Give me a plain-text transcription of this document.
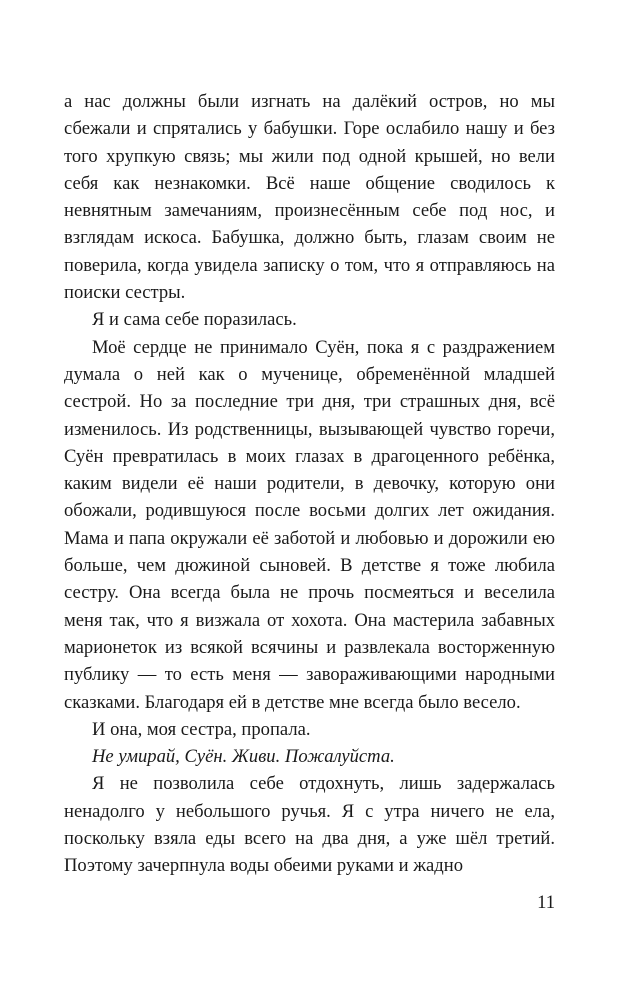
а нас должны были изгнать на далёкий остров, но мы сбежали и спрятались у бабушки. Горе ослабило нашу и без того хрупкую связь; мы жили под одной крышей, но вели себя как незнакомки. Всё наше общение сводилось к невнятным замечаниям, произнесённым себе под нос, и взглядам искоса. Бабушка, должно быть, глазам своим не поверила, когда увидела записку о том, что я отправляюсь на поиски сестры.

Я и сама себе поразилась.

Моё сердце не принимало Суён, пока я с раздражением думала о ней как о мученице, обременённой младшей сестрой. Но за последние три дня, три страшных дня, всё изменилось. Из родственницы, вызывающей чувство горечи, Суён превратилась в моих глазах в драгоценного ребёнка, каким видели её наши родители, в девочку, которую они обожали, родившуюся после восьми долгих лет ожидания. Мама и папа окружали её заботой и любовью и дорожили ею больше, чем дюжиной сыновей. В детстве я тоже любила сестру. Она всегда была не прочь посмеяться и веселила меня так, что я визжала от хохота. Она мастерила забавных марионеток из всякой всячины и развлекала восторженную публику — то есть меня — завораживающими народными сказками. Благодаря ей в детстве мне всегда было весело.

И она, моя сестра, пропала.

Не умирай, Суён. Живи. Пожалуйста.

Я не позволила себе отдохнуть, лишь задержалась ненадолго у небольшого ручья. Я с утра ничего не ела, поскольку взяла еды всего на два дня, а уже шёл третий. Поэтому зачерпнула воды обеими руками и жадно

11
